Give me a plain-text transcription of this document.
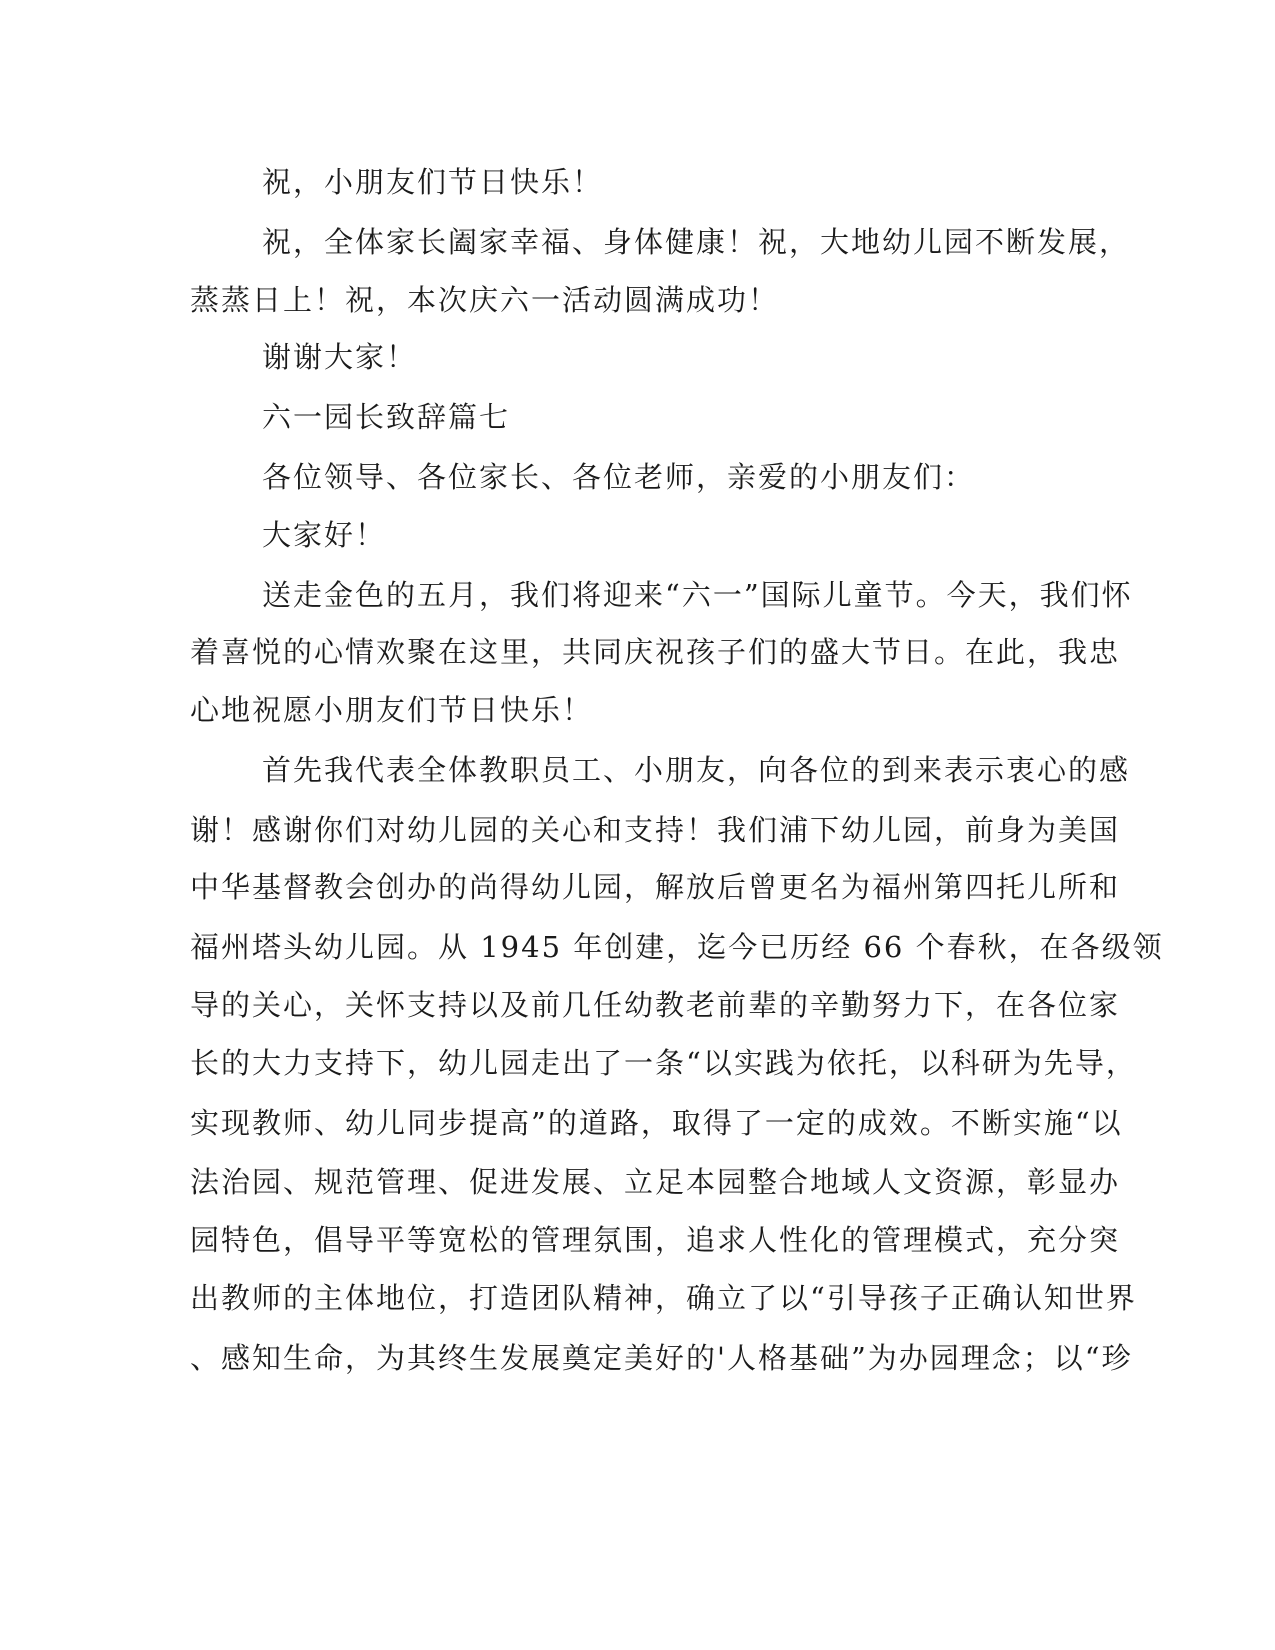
祝，小朋友们节日快乐！
祝，全体家长阖家幸福、身体健康！祝，大地幼儿园不断发展，
蒸蒸日上！祝，本次庆六一活动圆满成功！
谢谢大家！
六一园长致辞篇七
各位领导、各位家长、各位老师，亲爱的小朋友们：
大家好！
送走金色的五月，我们将迎来“六一”国际儿童节。今天，我们怀
着喜悦的心情欢聚在这里，共同庆祝孩子们的盛大节日。在此，我忠
心地祝愿小朋友们节日快乐！
首先我代表全体教职员工、小朋友，向各位的到来表示衷心的感
谢！感谢你们对幼儿园的关心和支持！我们浦下幼儿园，前身为美国
中华基督教会创办的尚得幼儿园，解放后曾更名为福州第四托儿所和
福州塔头幼儿园。从 1945 年创建，迄今已历经 66 个春秋，在各级领
导的关心，关怀支持以及前几任幼教老前辈的辛勤努力下，在各位家
长的大力支持下，幼儿园走出了一条“以实践为依托，以科研为先导，
实现教师、幼儿同步提高”的道路，取得了一定的成效。不断实施“以
法治园、规范管理、促进发展、立足本园整合地域人文资源，彰显办
园特色，倡导平等宽松的管理氛围，追求人性化的管理模式，充分突
出教师的主体地位，打造团队精神，确立了以“引导孩子正确认知世界
、感知生命，为其终生发展奠定美好的'人格基础”为办园理念；以“珍
